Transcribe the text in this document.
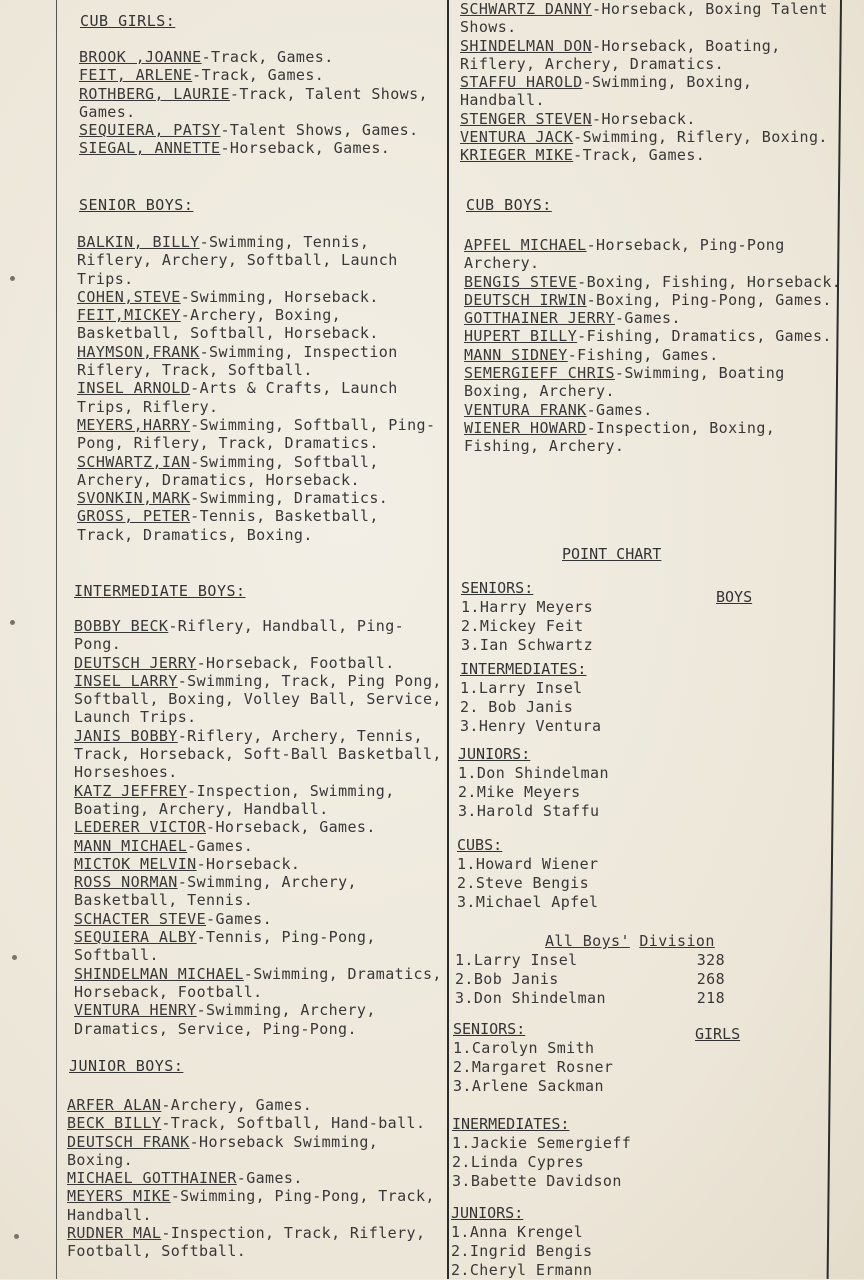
CUB GIRLS:
BROOK ,JOANNE-Track, Games.
FEIT, ARLENE-Track, Games.
ROTHBERG, LAURIE-Track, Talent Shows, Games.
SEQUIERA, PATSY-Talent Shows, Games.
SIEGAL, ANNETTE-Horseback, Games.
SENIOR BOYS:
BALKIN, BILLY-Swimming, Tennis, Riflery, Archery, Softball, Launch Trips.
COHEN,STEVE-Swimming, Horseback.
FEIT,MICKEY-Archery, Boxing, Basketball, Softball, Horseback.
HAYMSON,FRANK-Swimming, Inspection Riflery, Track, Softball.
INSEL ARNOLD-Arts & Crafts, Launch Trips, Riflery.
MEYERS,HARRY-Swimming, Softball, Ping-Pong, Riflery, Track, Dramatics.
SCHWARTZ,IAN-Swimming, Softball, Archery, Dramatics, Horseback.
SVONKIN,MARK-Swimming, Dramatics.
GROSS, PETER-Tennis, Basketball, Track, Dramatics, Boxing.
INTERMEDIATE BOYS:
BOBBY BECK-Riflery, Handball, Ping-Pong.
DEUTSCH JERRY-Horseback, Football.
INSEL LARRY-Swimming, Track, Ping Pong, Softball, Boxing, Volley Ball, Service, Launch Trips.
JANIS BOBBY-Riflery, Archery, Tennis, Track, Horseback, Soft-Ball Basketball, Horseshoes.
KATZ JEFFREY-Inspection, Swimming, Boating, Archery, Handball.
LEDERER VICTOR-Horseback, Games.
MANN MICHAEL-Games.
MICTOK MELVIN-Horseback.
ROSS NORMAN-Swimming, Archery, Basketball, Tennis.
SCHACTER STEVE-Games.
SEQUIERA ALBY-Tennis, Ping-Pong, Softball.
SHINDELMAN MICHAEL-Swimming, Dramatics, Horseback, Football.
VENTURA HENRY-Swimming, Archery, Dramatics, Service, Ping-Pong.
JUNIOR BOYS:
ARFER ALAN-Archery, Games.
BECK BILLY-Track, Softball, Hand-ball.
DEUTSCH FRANK-Horseback Swimming, Boxing.
MICHAEL GOTTHAINER-Games.
MEYERS MIKE-Swimming, Ping-Pong, Track, Handball.
RUDNER MAL-Inspection, Track, Riflery, Football, Softball.
SCHWARTZ DANNY-Horseback, Boxing Talent Shows.
SHINDELMAN DON-Horseback, Boating, Riflery, Archery, Dramatics.
STAFFU HAROLD-Swimming, Boxing, Handball.
STENGER STEVEN-Horseback.
VENTURA JACK-Swimming, Riflery, Boxing.
KRIEGER MIKE-Track, Games.
CUB BOYS:
APFEL MICHAEL-Horseback, Ping-Pong Archery.
BENGIS STEVE-Boxing, Fishing, Horseback.
DEUTSCH IRWIN-Boxing, Ping-Pong, Games.
GOTTHAINER JERRY-Games.
HUPERT BILLY-Fishing, Dramatics, Games.
MANN SIDNEY-Fishing, Games.
SEMERGIEFF CHRIS-Swimming, Boating Boxing, Archery.
VENTURA FRANK-Games.
WIENER HOWARD-Inspection, Boxing, Fishing, Archery.
POINT CHART
BOYS
SENIORS:
1.Harry Meyers
2.Mickey Feit
3.Ian Schwartz
INTERMEDIATES:
1.Larry Insel
2. Bob Janis
3.Henry Ventura
JUNIORS:
1.Don Shindelman
2.Mike Meyers
3.Harold Staffu
CUBS:
1.Howard Wiener
2.Steve Bengis
3.Michael Apfel
All Boys' Division
1.Larry Insel	328
2.Bob Janis	268
3.Don Shindelman	218
GIRLS
SENIORS:
1.Carolyn Smith
2.Margaret Rosner
3.Arlene Sackman
INERMEDIATES:
1.Jackie Semergieff
2.Linda Cypres
3.Babette Davidson
JUNIORS:
1.Anna Krengel
2.Ingrid Bengis
2.Cheryl Ermann
